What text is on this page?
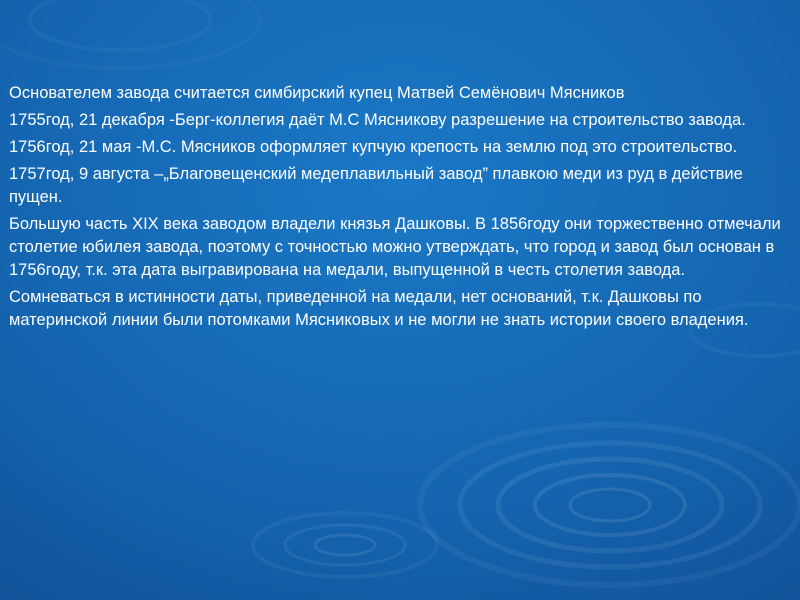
Основателем завода считается симбирский купец Матвей Семёнович Мясников

1755год, 21 декабря -Берг-коллегия даёт М.С Мясникову разрешение на строительство завода.

1756год, 21 мая -М.С. Мясников оформляет купчую крепость на землю под это строительство.

1757год, 9 августа –„Благовещенский медеплавильный завод” плавкою меди из руд в действие пущен.

Большую часть XIX века заводом владели князья Дашковы. В 1856году они торжественно отмечали столетие юбилея завода, поэтому с точностью можно утверждать, что город и завод был основан в 1756году, т.к. эта дата выгравирована на медали, выпущенной в честь столетия завода.

Сомневаться в истинности даты, приведенной на медали, нет оснований, т.к. Дашковы по материнской линии были потомками Мясниковых и не могли не знать истории своего владения.
